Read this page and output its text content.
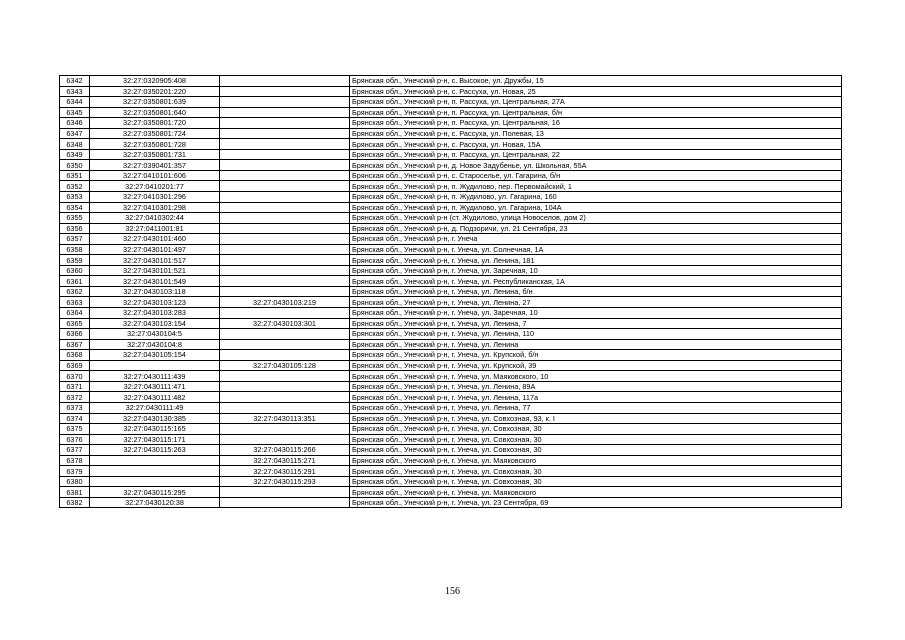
6342	32:27:0320905:408		Брянская обл., Унечский р-н, с. Высокое, ул. Дружбы, 15
6343	32:27:0350201:220		Брянская обл., Унечский р-н, с. Рассуха, ул. Новая, 25
6344	32:27:0350801:639		Брянская обл., Унечский р-н, п. Рассуха, ул. Центральная, 27А
6345	32:27:0350801:640		Брянская обл., Унечский р-н, п. Рассуха, ул. Центральная, б/н
6346	32:27:0350801:720		Брянская обл., Унечский р-н, п. Рассуха, ул. Центральная, 16
6347	32:27:0350801:724		Брянская обл., Унечский р-н, с. Рассуха, ул. Полевая, 13
6348	32:27:0350801:728		Брянская обл., Унечский р-н, с. Рассуха, ул. Новая, 15А
6349	32:27:0350801:731		Брянская обл., Унечский р-н, п. Рассуха, ул. Центральная, 22
6350	32:27:0390401:357		Брянская обл., Унечский р-н, д. Новое Задубенье, ул. Школьная, 55А
6351	32:27:0410101:606		Брянская обл., Унечский р-н, с. Староселье, ул. Гагарина, б/н
6352	32:27:0410201:77		Брянская обл., Унечский р-н, п. Жудилово, пер. Первомайский, 1
6353	32:27:0410301:296		Брянская обл., Унечский р-н, п. Жудилово, ул. Гагарина, 160
6354	32:27:0410301:298		Брянская обл., Унечский р-н, п. Жудилово, ул. Гагарина, 104А
6355	32:27:0410302:44		Брянская обл., Унечский р-н (ст. Жудилово, улица Новоселов, дом 2)
6356	32:27:0411001:81		Брянская обл., Унечский р-н, д. Подзоричи, ул. 21 Сентября, 23
6357	32:27:0430101:460		Брянская обл., Унечский р-н, г. Унеча
6358	32:27:0430101:497		Брянская обл., Унечский р-н, г. Унеча, ул. Солнечная, 1А
6359	32:27:0430101:517		Брянская обл., Унечский р-н, г. Унеча, ул. Ленина, 181
6360	32:27:0430101:521		Брянская обл., Унечский р-н, г. Унеча, ул. Заречная, 10
6361	32:27:0430101:549		Брянская обл., Унечский р-н, г. Унеча, ул. Республиканская, 1А
6362	32:27:0430103:118		Брянская обл., Унечский р-н, г. Унеча, ул. Ленина, б/н
6363	32:27:0430103:123	32:27:0430103:219	Брянская обл., Унечский р-н, г. Унеча, ул. Ленина, 27
6364	32:27:0430103:283		Брянская обл., Унечский р-н, г. Унеча, ул. Заречная, 10
6365	32:27:0430103:154	32:27:0430103:301	Брянская обл., Унечский р-н, г. Унеча, ул. Ленина, 7
6366	32:27:0430104:5		Брянская обл., Унечский р-н, г. Унеча, ул. Ленина, 110
6367	32:27:0430104:8		Брянская обл., Унечский р-н, г. Унеча, ул. Ленина
6368	32:27:0430105:154		Брянская обл., Унечский р-н, г. Унеча, ул. Крупской, б/н
6369		32:27:0430105:128	Брянская обл., Унечский р-н, г. Унеча, ул. Крупской, 39
6370	32:27:0430111:439		Брянская обл., Унечский р-н, г. Унеча, ул. Маяковского, 10
6371	32:27:0430111:471		Брянская обл., Унечский р-н, г. Унеча, ул. Ленина, 89А
6372	32:27:0430111:482		Брянская обл., Унечский р-н, г. Унеча, ул. Ленина, 117а
6373	32:27:0430111:49		Брянская обл., Унечский р-н, г. Унеча, ул. Ленина, 77
6374	32:27:0430130:385	32:27:0430113:351	Брянская обл., Унечский р-н, г. Унеча, ул. Совхозная, 93, к. I
6375	32:27:0430115:165		Брянская обл., Унечский р-н, г. Унеча, ул. Совхозная, 30
6376	32:27:0430115:171		Брянская обл., Унечский р-н, г. Унеча, ул. Совхозная, 30
6377	32:27:0430115:263	32:27:0430115:266	Брянская обл., Унечский р-н, г. Унеча, ул. Совхозная, 30
6378		32:27:0430115:271	Брянская обл., Унечский р-н, г. Унеча, ул. Маяковского
6379		32:27:0430115:291	Брянская обл., Унечский р-н, г. Унеча, ул. Совхозная, 30
6380		32:27:0430115:293	Брянская обл., Унечский р-н, г. Унеча, ул. Совхозная, 30
6381	32:27:0430115:295		Брянская обл., Унечский р-н, г. Унеча, ул. Маяковского
6382	32:27:0430120:38		Брянская обл., Унечский р-н, г. Унеча, ул. 23 Сентября, 69
156
